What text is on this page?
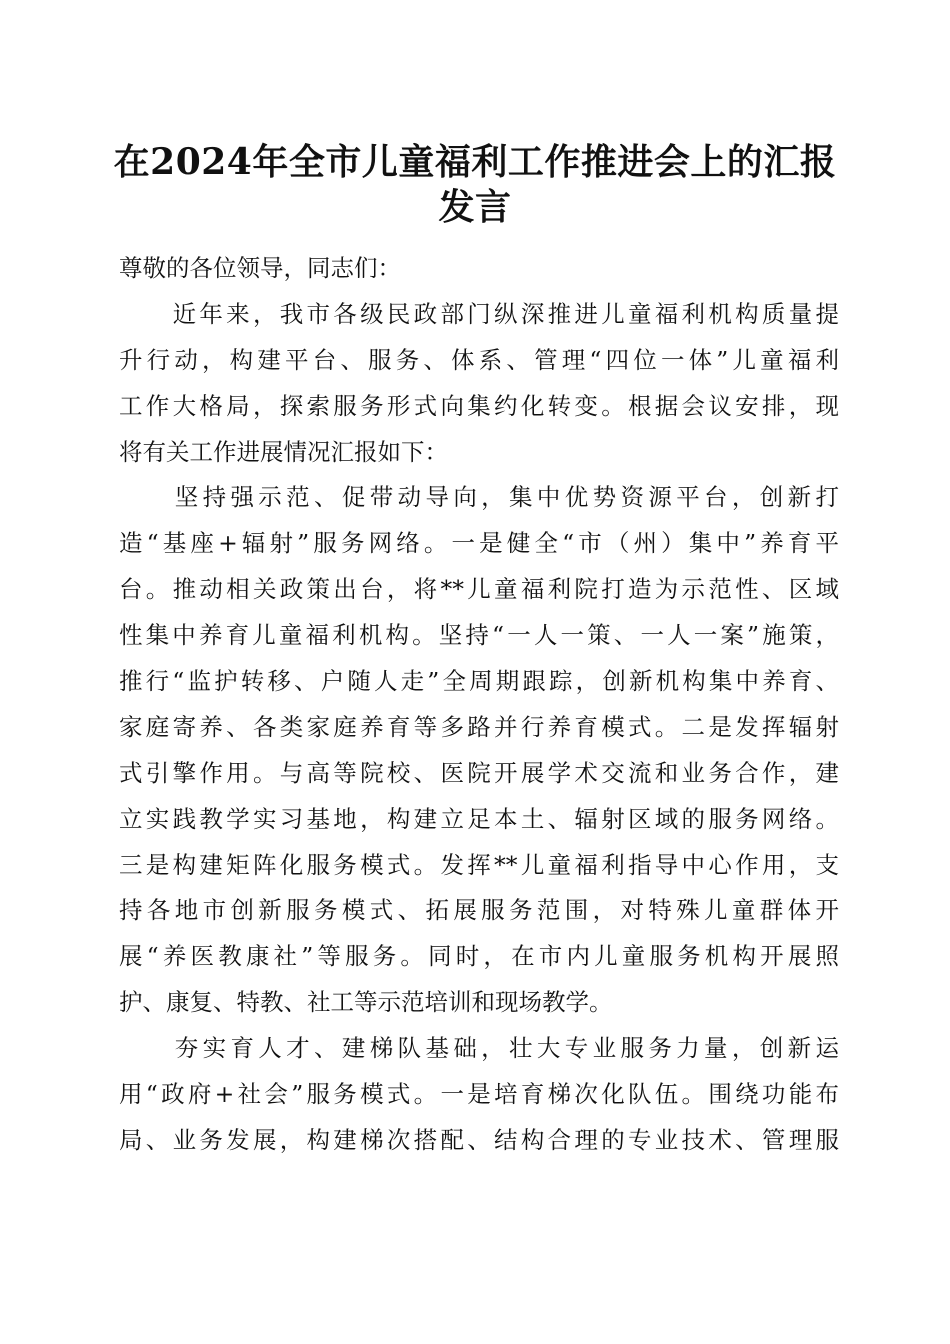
在2024年全市儿童福利工作推进会上的汇报
发言
尊敬的各位领导，同志们：
　　近年来，我市各级民政部门纵深推进儿童福利机构质量提
升行动，构建平台、服务、体系、管理“四位一体”儿童福利
工作大格局，探索服务形式向集约化转变。根据会议安排，现
将有关工作进展情况汇报如下：
　　坚持强示范、促带动导向，集中优势资源平台，创新打
造“基座+辐射”服务网络。一是健全“市（州）集中”养育平
台。推动相关政策出台，将**儿童福利院打造为示范性、区域
性集中养育儿童福利机构。坚持“一人一策、一人一案”施策，
推行“监护转移、户随人走”全周期跟踪，创新机构集中养育、
家庭寄养、各类家庭养育等多路并行养育模式。二是发挥辐射
式引擎作用。与高等院校、医院开展学术交流和业务合作，建
立实践教学实习基地，构建立足本土、辐射区域的服务网络。
三是构建矩阵化服务模式。发挥**儿童福利指导中心作用，支
持各地市创新服务模式、拓展服务范围，对特殊儿童群体开
展“养医教康社”等服务。同时，在市内儿童服务机构开展照
护、康复、特教、社工等示范培训和现场教学。
　　夯实育人才、建梯队基础，壮大专业服务力量，创新运
用“政府+社会”服务模式。一是培育梯次化队伍。围绕功能布
局、业务发展，构建梯次搭配、结构合理的专业技术、管理服
